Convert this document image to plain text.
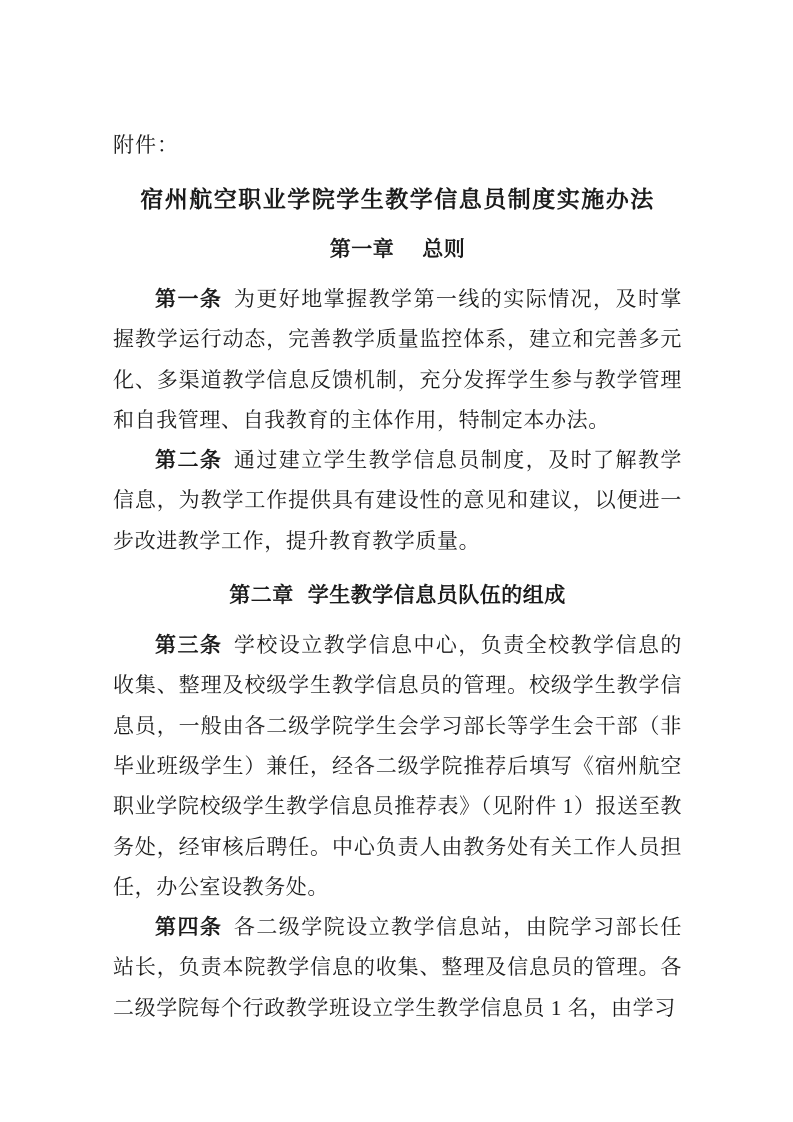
附件：

宿州航空职业学院学生教学信息员制度实施办法
第一章 总则

第一条 为更好地掌握教学第一线的实际情况，及时掌握教学运行动态，完善教学质量监控体系，建立和完善多元化、多渠道教学信息反馈机制，充分发挥学生参与教学管理和自我管理、自我教育的主体作用，特制定本办法。

第二条 通过建立学生教学信息员制度，及时了解教学信息，为教学工作提供具有建设性的意见和建议，以便进一步改进教学工作，提升教育教学质量。

第二章 学生教学信息员队伍的组成

第三条 学校设立教学信息中心，负责全校教学信息的收集、整理及校级学生教学信息员的管理。校级学生教学信息员，一般由各二级学院学生会学习部长等学生会干部（非毕业班级学生）兼任，经各二级学院推荐后填写《宿州航空职业学院校级学生教学信息员推荐表》（见附件 1）报送至教务处，经审核后聘任。中心负责人由教务处有关工作人员担任，办公室设教务处。

第四条 各二级学院设立教学信息站，由院学习部长任站长，负责本院教学信息的收集、整理及信息员的管理。各二级学院每个行政教学班设立学生教学信息员 1 名，由学习
